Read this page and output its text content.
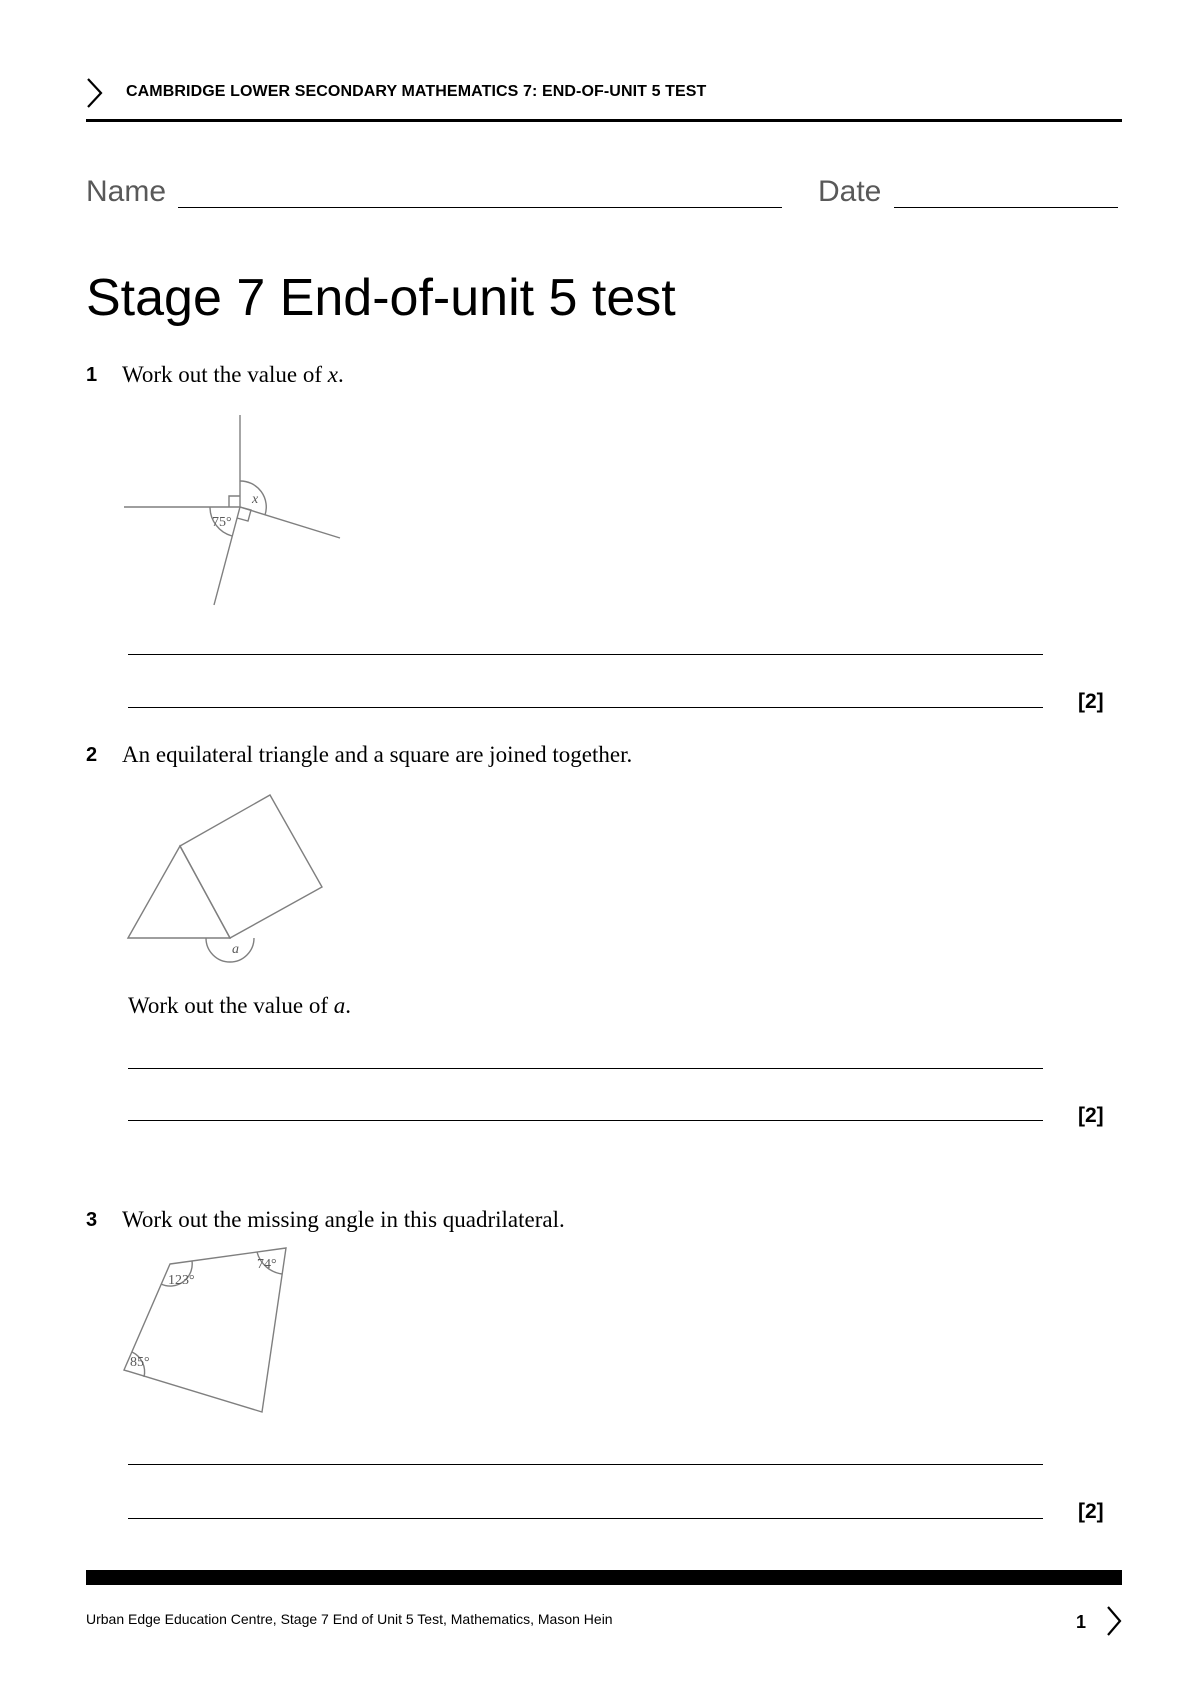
CAMBRIDGE LOWER SECONDARY MATHEMATICS 7: END-OF-UNIT 5 TEST
Name	Date
Stage 7 End-of-unit 5 test
1 Work out the value of x.
x
75°
[2]
2 An equilateral triangle and a square are joined together.
a
Work out the value of a.
[2]
3 Work out the missing angle in this quadrilateral.
123°
74°
85°
[2]
Urban Edge Education Centre, Stage 7 End of Unit 5 Test, Mathematics, Mason Hein	1
